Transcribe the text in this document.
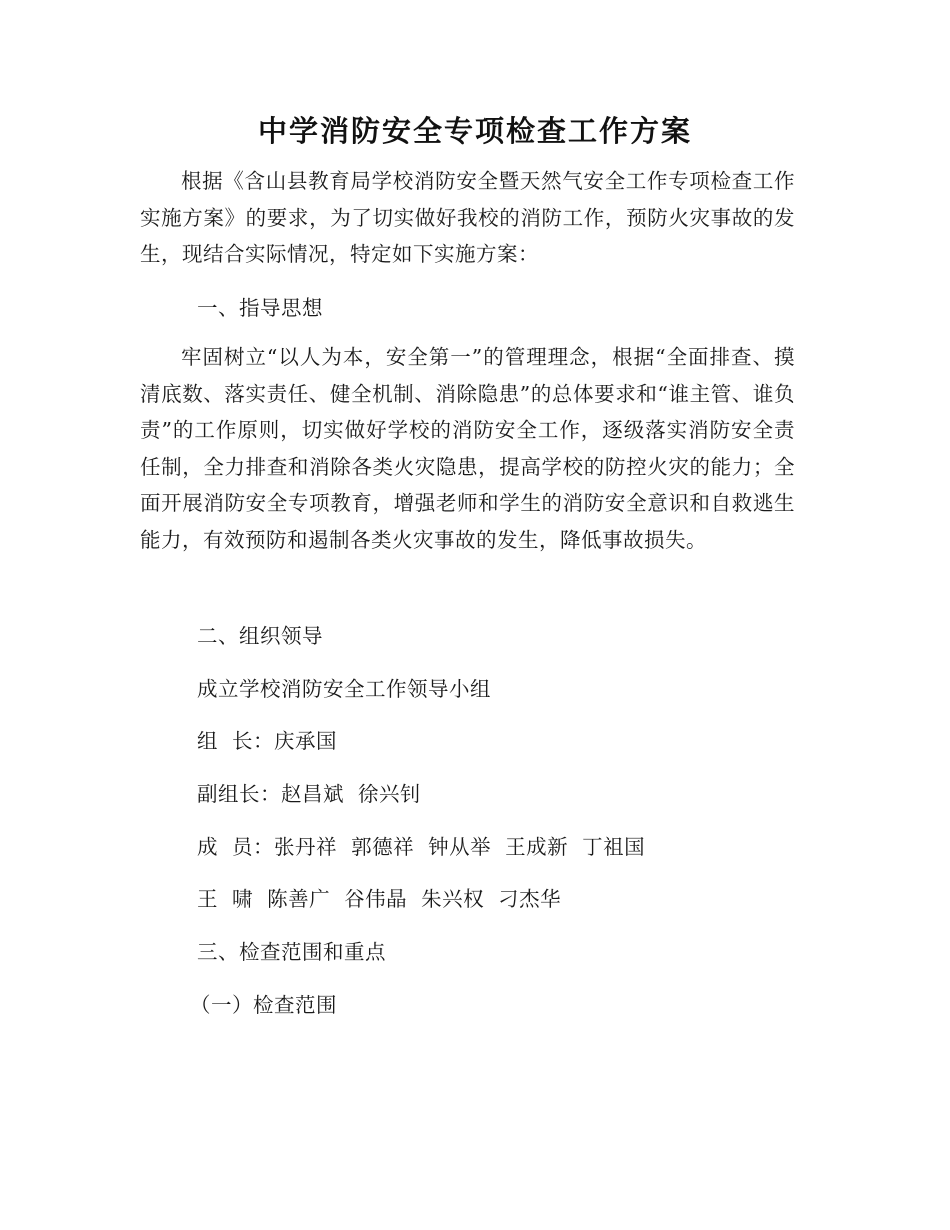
中学消防安全专项检查工作方案
根据《含山县教育局学校消防安全暨天然气安全工作专项检查工作实施方案》的要求，为了切实做好我校的消防工作，预防火灾事故的发生，现结合实际情况，特定如下实施方案：
一、指导思想
牢固树立“以人为本，安全第一”的管理理念，根据“全面排查、摸清底数、落实责任、健全机制、消除隐患”的总体要求和“谁主管、谁负责”的工作原则，切实做好学校的消防安全工作，逐级落实消防安全责任制，全力排查和消除各类火灾隐患，提高学校的防控火灾的能力；全面开展消防安全专项教育，增强老师和学生的消防安全意识和自救逃生能力，有效预防和遏制各类火灾事故的发生，降低事故损失。
二、组织领导
成立学校消防安全工作领导小组
组  长：庆承国
副组长：赵昌斌  徐兴钊
成  员：张丹祥  郭德祥  钟从举  王成新  丁祖国
王  啸  陈善广  谷伟晶  朱兴权  刁杰华
三、检查范围和重点
（一）检查范围
